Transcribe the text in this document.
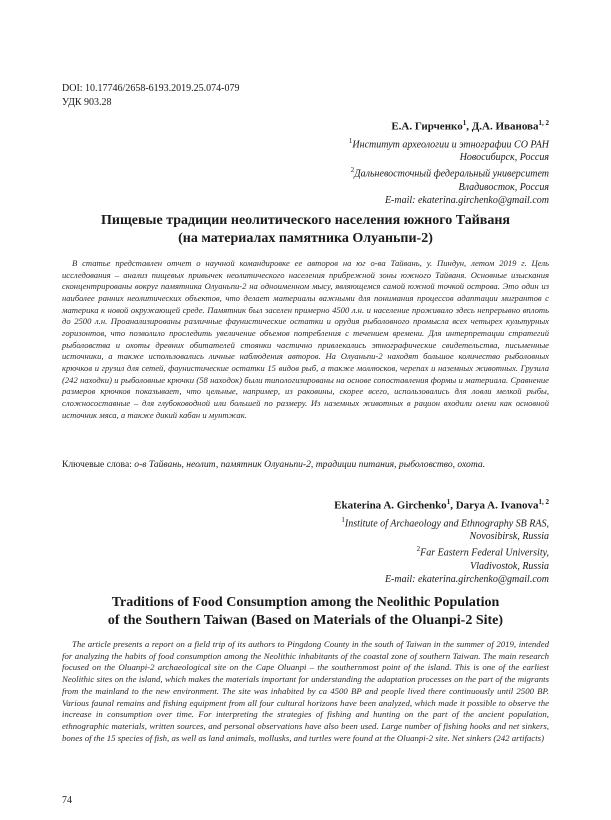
DOI: 10.17746/2658-6193.2019.25.074-079
УДК 903.28
Е.А. Гирченко$^1$, Д.А. Иванова$^{1, 2}$
$^1$Институт археологии и этнографии СО РАН
Новосибирск, Россия
$^2$Дальневосточный федеральный университет
Владивосток, Россия
E-mail: ekaterina.girchenko@gmail.com
Пищевые традиции неолитического населения южного Тайваня
(на материалах памятника Олуаньпи-2)
В статье представлен отчет о научной командировке ее авторов на юг о-ва Тайвань, у. Пиндун, летом 2019 г. Цель исследования – анализ пищевых привычек неолитического населения прибрежной зоны южного Тайваня. Основные изыскания сконцентрированы вокруг памятника Олуаньпи-2 на одноименном мысу, являющемся самой южной точкой острова. Это один из наиболее ранних неолитических объектов, что делает материалы важными для понимания процессов адаптации мигрантов с материка к новой окружающей среде. Памятник был заселен примерно 4500 л.н. и население проживало здесь непрерывно вплоть до 2500 л.н. Проанализированы различные фаунистические остатки и орудия рыболовного промысла всех четырех культурных горизонтов, что позволило проследить увеличение объемов потребления с течением времени. Для интерпретации стратегий рыболовства и охоты древних обитателей стоянки частично привлекались этнографические свидетельства, письменные источники, а также использовались личные наблюдения авторов. На Олуаньпи-2 находят большое количество рыболовных крючков и грузил для сетей, фаунистические остатки 15 видов рыб, а также моллюсков, черепах и наземных животных. Грузила (242 находки) и рыболовные крючки (58 находок) были типологизированы на основе сопоставления формы и материала. Сравнение размеров крючков показывает, что цельные, например, из раковины, скорее всего, использовались для ловли мелкой рыбы, сложносоставные – для глубоководной или большей по размеру. Из наземных животных в рацион входили олени как основной источник мяса, а также дикий кабан и мунтжак.
Ключевые слова: о-в Тайвань, неолит, памятник Олуаньпи-2, традиции питания, рыболовство, охота.
Ekaterina A. Girchenko$^1$, Darya A. Ivanova$^{1, 2}$
$^1$Institute of Archaeology and Ethnography SB RAS,
Novosibirsk, Russia
$^2$Far Eastern Federal University,
Vladivostok, Russia
E-mail: ekaterina.girchenko@gmail.com
Traditions of Food Consumption among the Neolithic Population
of the Southern Taiwan (Based on Materials of the Oluanpi-2 Site)
The article presents a report on a field trip of its authors to Pingdong County in the south of Taiwan in the summer of 2019, intended for analyzing the habits of food consumption among the Neolithic inhabitants of the coastal zone of southern Taiwan. The main research focused on the Oluanpi-2 archaeological site on the Cape Oluanpi – the southernmost point of the island. This is one of the earliest Neolithic sites on the island, which makes the materials important for understanding the adaptation processes on the part of the migrants from the mainland to the new environment. The site was inhabited by ca 4500 BP and people lived there continuously until 2500 BP. Various faunal remains and fishing equipment from all four cultural horizons have been analyzed, which made it possible to observe the increase in consumption over time. For interpreting the strategies of fishing and hunting on the part of the ancient population, ethnographic materials, written sources, and personal observations have also been used. Large number of fishing hooks and net sinkers, bones of the 15 species of fish, as well as land animals, mollusks, and turtles were found at the Oluanpi-2 site. Net sinkers (242 artifacts)
74
